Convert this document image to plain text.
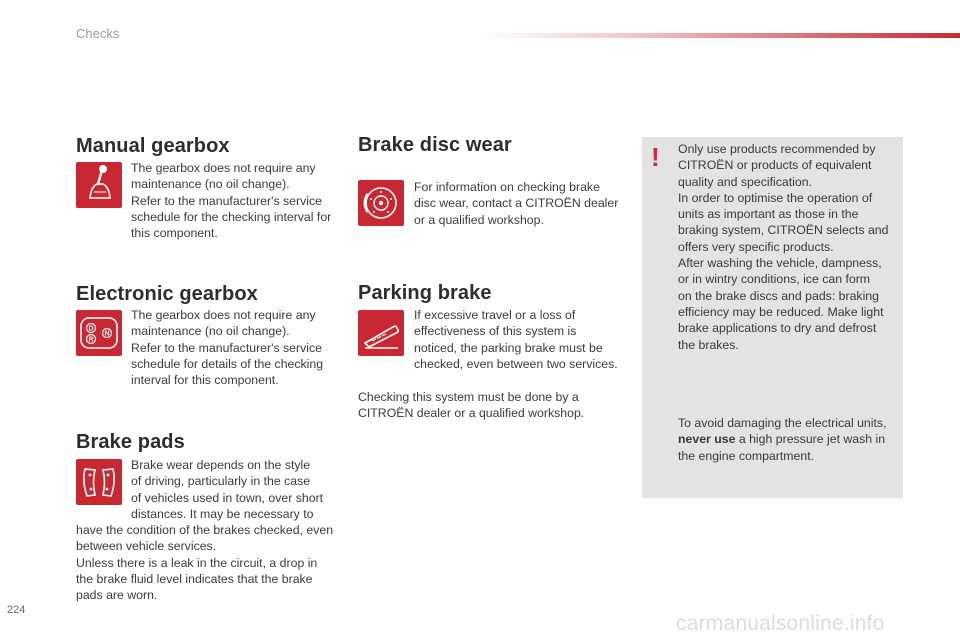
Checks
Manual gearbox
The gearbox does not require any
maintenance (no oil change).
Refer to the manufacturer's service
schedule for the checking interval for
this component.
Electronic gearbox
D
N
R
The gearbox does not require any
maintenance (no oil change).
Refer to the manufacturer's service
schedule for details of the checking
interval for this component.
Brake pads
Brake wear depends on the style
of driving, particularly in the case
of vehicles used in town, over short
distances. It may be necessary to
have the condition of the brakes checked, even
between vehicle services.
Unless there is a leak in the circuit, a drop in
the brake fluid level indicates that the brake
pads are worn.
Brake disc wear
For information on checking brake
disc wear, contact a CITROËN dealer
or a qualified workshop.
Parking brake
If excessive travel or a loss of
effectiveness of this system is
noticed, the parking brake must be
checked, even between two services.
Checking this system must be done by a
CITROËN dealer or a qualified workshop.
! Only use products recommended by
CITROËN or products of equivalent
quality and specification.
In order to optimise the operation of
units as important as those in the
braking system, CITROËN selects and
offers very specific products.
After washing the vehicle, dampness,
or in wintry conditions, ice can form
on the brake discs and pads: braking
efficiency may be reduced. Make light
brake applications to dry and defrost
the brakes.
To avoid damaging the electrical units,
never use a high pressure jet wash in
the engine compartment.
224
carmanualsonline.info
